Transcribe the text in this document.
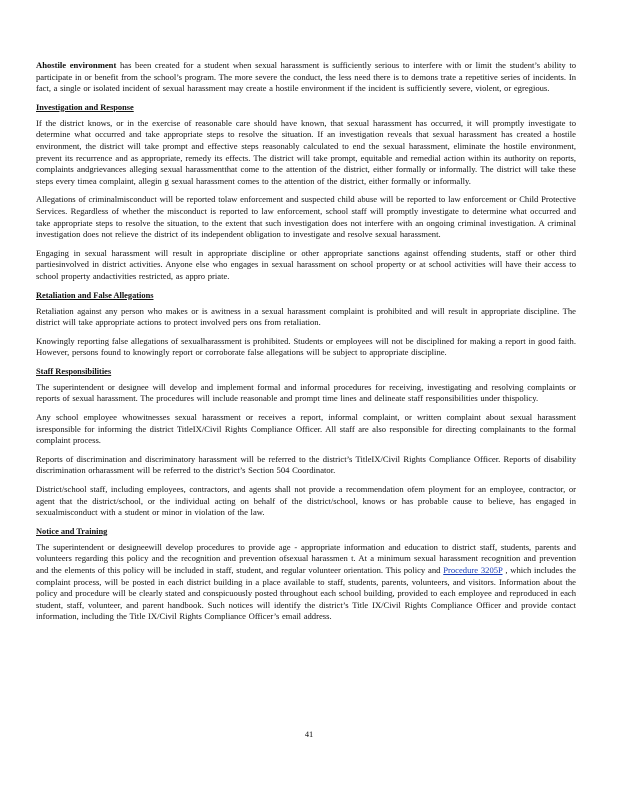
Ahostile environment has been created for a student when sexual harassment is sufficiently serious to interfere with or limit the student’s ability to participate in or benefit from the school’s program. The more severe the conduct, the less need there is to demons trate a repetitive series of incidents. In fact, a single or isolated incident of sexual harassment may create a hostile environment if the incident is sufficiently severe, violent, or egregious.

Investigation and Response

If the district knows, or in the exercise of reasonable care should have known, that sexual harassment has occurred, it will promptly investigate to determine what occurred and take appropriate steps to resolve the situation. If an investigation reveals that sexual harassment has created a hostile environment, the district will take prompt and effective steps reasonably calculated to end the sexual harassment, eliminate the hostile environment, prevent its recurrence and as appropriate, remedy its effects. The district will take prompt, equitable and remedial action within its authority on reports, complaints andgrievances alleging sexual harassmentthat come to the attention of the district, either formally or informally. The district will take these steps every timea complaint, allegin g sexual harassment comes to the attention of the district, either formally or informally.

Allegations of criminalmisconduct will be reported tolaw enforcement and suspected child abuse will be reported to law enforcement or Child Protective Services. Regardless of whether the misconduct is reported to law enforcement, school staff will promptly investigate to determine what occurred and take appropriate steps to resolve the situation, to the extent that such investigation does not interfere with an ongoing criminal investigation. A criminal investigation does not relieve the district of its independent obligation to investigate and resolve sexual harassment.

Engaging in sexual harassment will result in appropriate discipline or other appropriate sanctions against offending students, staff or other third partiesinvolved in district activities. Anyone else who engages in sexual harassment on school property or at school activities will have their access to school property andactivities restricted, as appro priate.

Retaliation and False Allegations

Retaliation against any person who makes or is awitness in a sexual harassment complaint is prohibited and will result in appropriate discipline. The district will take appropriate actions to protect involved pers ons from retaliation.

Knowingly reporting false allegations of sexualharassment is prohibited. Students or employees will not be disciplined for making a report in good faith. However, persons found to knowingly report or corroborate false allegations will be subject to appropriate discipline.

Staff Responsibilities

The superintendent or designee will develop and implement formal and informal procedures for receiving, investigating and resolving complaints or reports of sexual harassment. The procedures will include reasonable and prompt time lines and delineate staff responsibilities under thispolicy.

Any school employee whowitnesses sexual harassment or receives a report, informal complaint, or written complaint about sexual harassment isresponsible for informing the district TitleIX/Civil Rights Compliance Officer. All staff are also responsible for directing complainants to the formal complaint process.

Reports of discrimination and discriminatory harassment will be referred to the district’s TitleIX/Civil Rights Compliance Officer. Reports of disability discrimination orharassment will be referred to the district’s Section 504 Coordinator.

District/school staff, including employees, contractors, and agents shall not provide a recommendation ofem ployment for an employee, contractor, or agent that the district/school, or the individual acting on behalf of the district/school, knows or has probable cause to believe, has engaged in sexualmisconduct with a student or minor in violation of the law.

Notice and Training

The superintendent or designeewill develop procedures to provide age - appropriate information and education to district staff, students, parents and volunteers regarding this policy and the recognition and prevention ofsexual harassmen t. At a minimum sexual harassment recognition and prevention and the elements of this policy will be included in staff, student, and regular volunteer orientation. This policy and Procedure 3205P , which includes the complaint process, will be posted in each district building in a place available to staff, students, parents, volunteers, and visitors. Information about the policy and procedure will be clearly stated and conspicuously posted throughout each school building, provided to each employee and reproduced in each student, staff, volunteer, and parent handbook. Such notices will identify the district’s Title IX/Civil Rights Compliance Officer and provide contact information, including the Title IX/Civil Rights Compliance Officer’s email address.

41
